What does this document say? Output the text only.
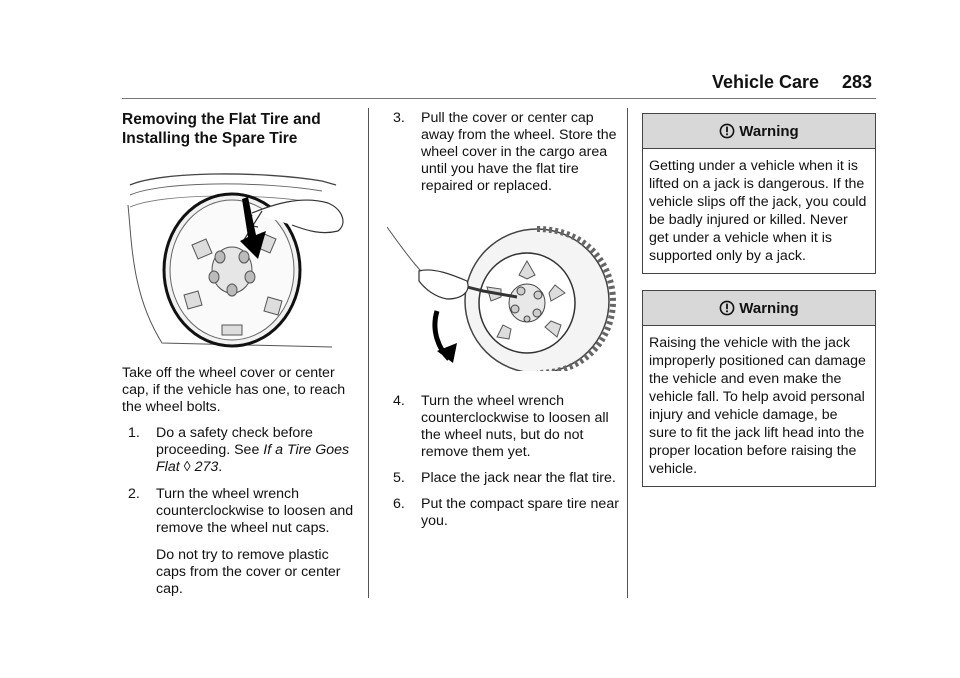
Vehicle Care 283

Removing the Flat Tire and
Installing the Spare Tire

Take off the wheel cover or center cap, if the vehicle has one, to reach the wheel bolts.

1. Do a safety check before proceeding. See If a Tire Goes Flat ◊ 273.
2. Turn the wheel wrench counterclockwise to loosen and remove the wheel nut caps.

Do not try to remove plastic caps from the cover or center cap.

3. Pull the cover or center cap away from the wheel. Store the wheel cover in the cargo area until you have the flat tire repaired or replaced.
4. Turn the wheel wrench counterclockwise to loosen all the wheel nuts, but do not remove them yet.
5. Place the jack near the flat tire.
6. Put the compact spare tire near you.
Warning
Getting under a vehicle when it is lifted on a jack is dangerous. If the vehicle slips off the jack, you could be badly injured or killed. Never get under a vehicle when it is supported only by a jack.
Warning
Raising the vehicle with the jack improperly positioned can damage the vehicle and even make the vehicle fall. To help avoid personal injury and vehicle damage, be sure to fit the jack lift head into the proper location before raising the vehicle.
